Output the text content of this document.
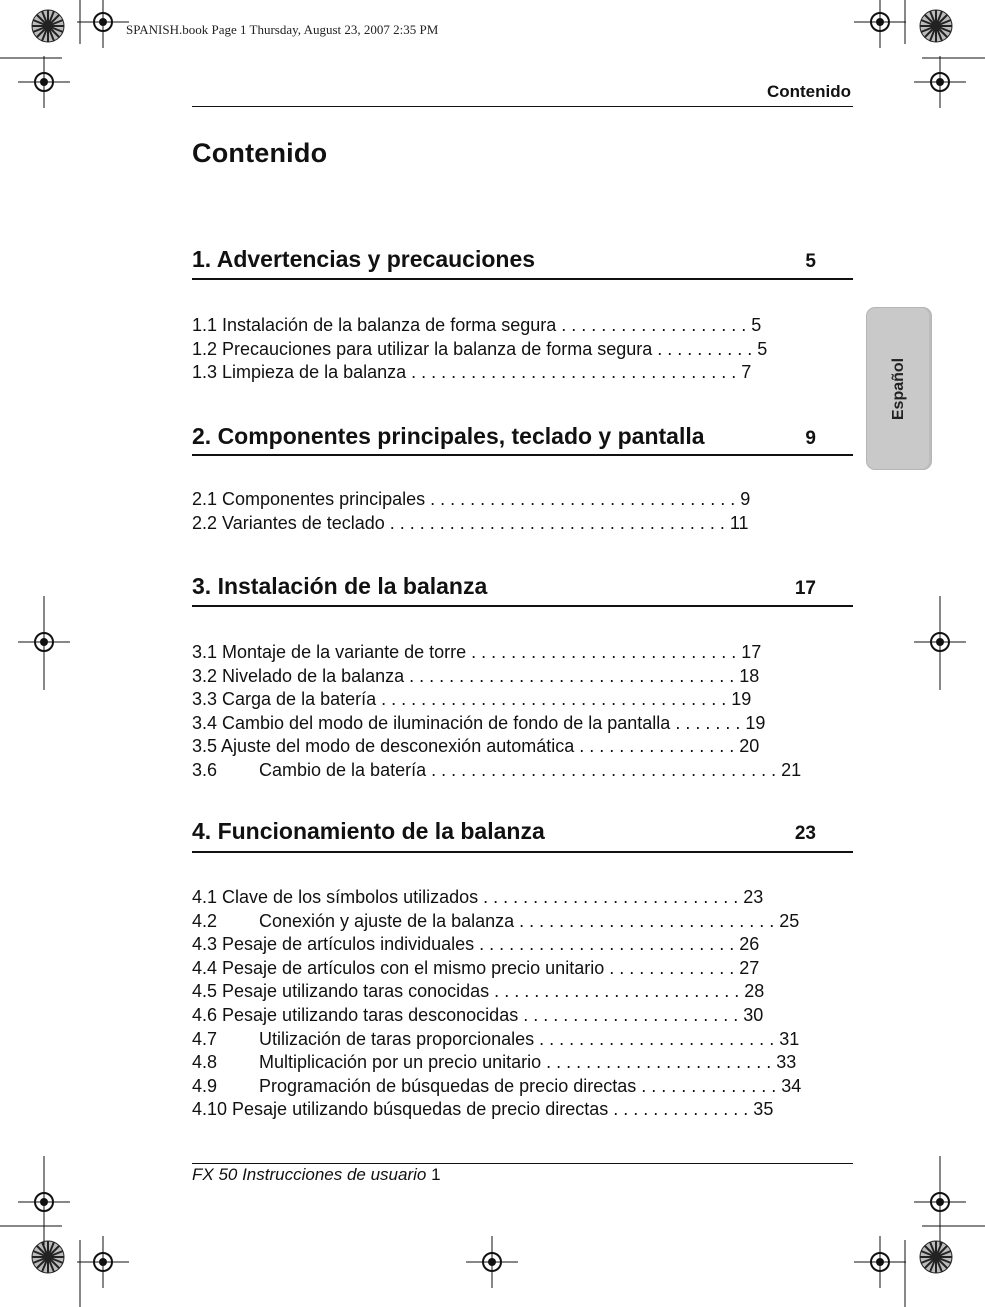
SPANISH.book Page 1 Thursday, August 23, 2007 2:35 PM
Contenido
Contenido
1. Advertencias y precauciones	5
1.1 Instalación de la balanza de forma segura . . . . . . . . . . . . . . . . . . . 5
1.2 Precauciones para utilizar la balanza de forma segura . . . . . . . . . . 5
1.3 Limpieza de la balanza . . . . . . . . . . . . . . . . . . . . . . . . . . . . . . . . . 7
2. Componentes principales, teclado y pantalla	9
2.1 Componentes principales . . . . . . . . . . . . . . . . . . . . . . . . . . . . . . . 9
2.2 Variantes de teclado . . . . . . . . . . . . . . . . . . . . . . . . . . . . . . . . . . 11
3. Instalación de la balanza	17
3.1 Montaje de la variante de torre . . . . . . . . . . . . . . . . . . . . . . . . . . . 17
3.2 Nivelado de la balanza . . . . . . . . . . . . . . . . . . . . . . . . . . . . . . . . . 18
3.3 Carga de la batería . . . . . . . . . . . . . . . . . . . . . . . . . . . . . . . . . . . 19
3.4 Cambio del modo de iluminación de fondo de la pantalla . . . . . . . 19
3.5 Ajuste del modo de desconexión automática . . . . . . . . . . . . . . . . 20
3.6 Cambio de la batería . . . . . . . . . . . . . . . . . . . . . . . . . . . . . . . . . . . 21
4. Funcionamiento de la balanza	23
4.1 Clave de los símbolos utilizados . . . . . . . . . . . . . . . . . . . . . . . . . . 23
4.2 Conexión y ajuste de la balanza . . . . . . . . . . . . . . . . . . . . . . . . . . 25
4.3 Pesaje de artículos individuales . . . . . . . . . . . . . . . . . . . . . . . . . . 26
4.4 Pesaje de artículos con el mismo precio unitario . . . . . . . . . . . . . 27
4.5 Pesaje utilizando taras conocidas . . . . . . . . . . . . . . . . . . . . . . . . . 28
4.6 Pesaje utilizando taras desconocidas . . . . . . . . . . . . . . . . . . . . . . 30
4.7 Utilización de taras proporcionales . . . . . . . . . . . . . . . . . . . . . . . . 31
4.8 Multiplicación por un precio unitario . . . . . . . . . . . . . . . . . . . . . . . 33
4.9 Programación de búsquedas de precio directas . . . . . . . . . . . . . . 34
4.10 Pesaje utilizando búsquedas de precio directas . . . . . . . . . . . . . . 35
Español
FX 50 Instrucciones de usuario 1
